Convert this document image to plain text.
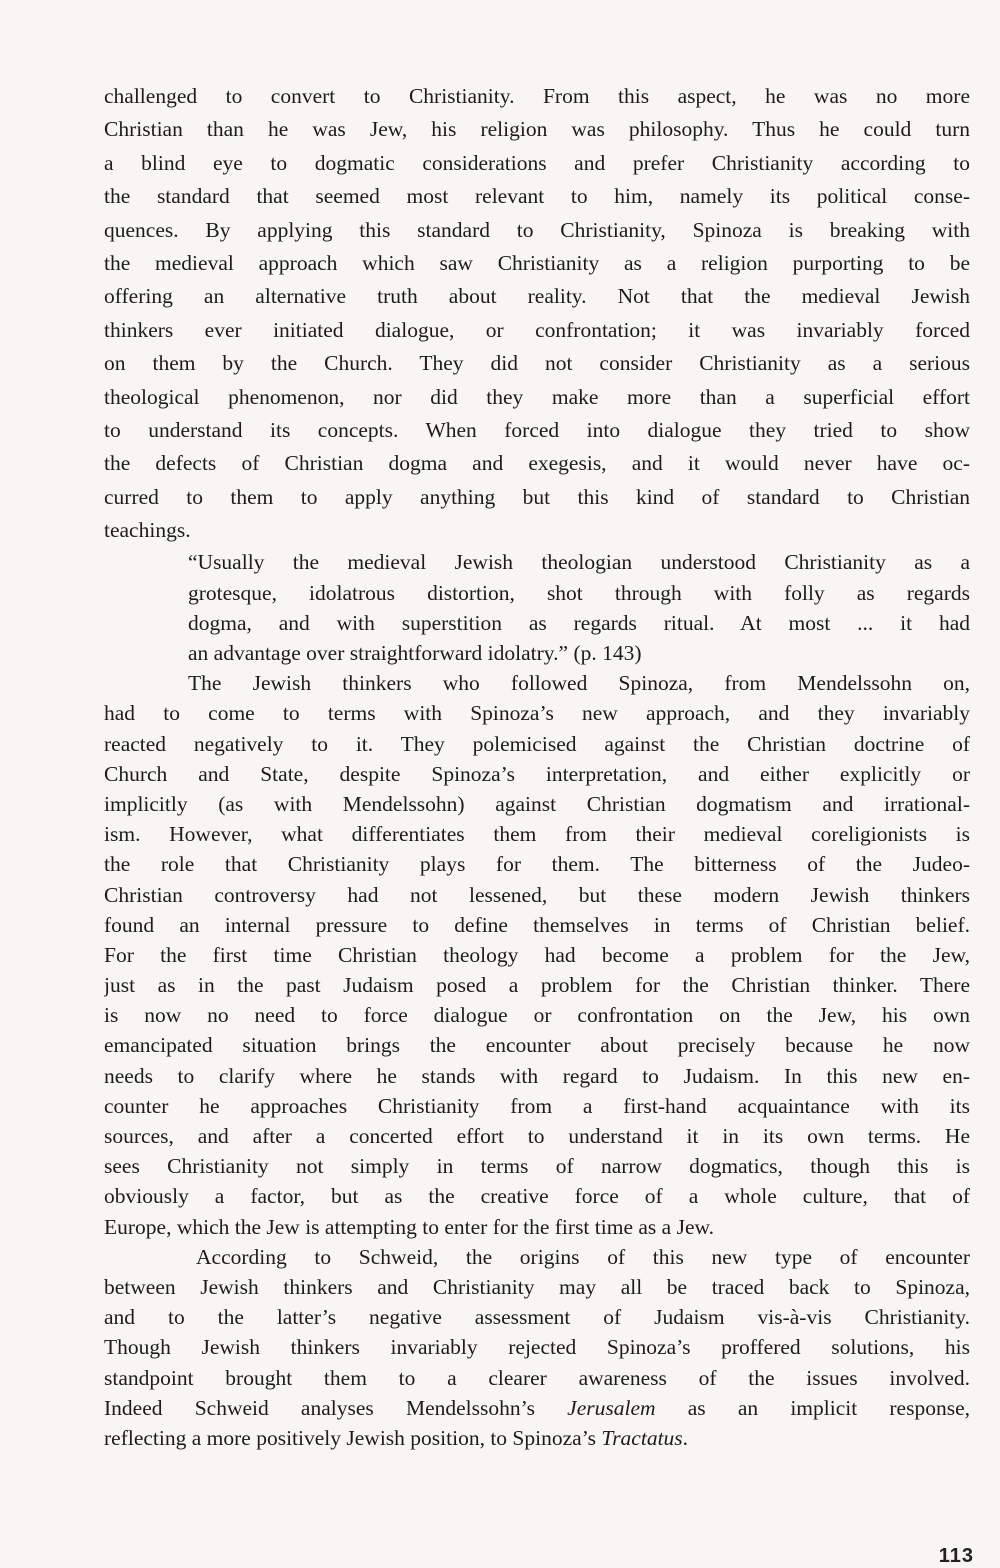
challenged to convert to Christianity. From this aspect, he was no more
Christian than he was Jew, his religion was philosophy. Thus he could turn
a blind eye to dogmatic considerations and prefer Christianity according to
the standard that seemed most relevant to him, namely its political conse-
quences. By applying this standard to Christianity, Spinoza is breaking with
the medieval approach which saw Christianity as a religion purporting to be
offering an alternative truth about reality. Not that the medieval Jewish
thinkers ever initiated dialogue, or confrontation; it was invariably forced
on them by the Church. They did not consider Christianity as a serious
theological phenomenon, nor did they make more than a superficial effort
to understand its concepts. When forced into dialogue they tried to show
the defects of Christian dogma and exegesis, and it would never have oc-
curred to them to apply anything but this kind of standard to Christian
teachings.
“Usually the medieval Jewish theologian understood Christianity as a
grotesque, idolatrous distortion, shot through with folly as regards
dogma, and with superstition as regards ritual. At most ... it had
an advantage over straightforward idolatry.” (p. 143)
The Jewish thinkers who followed Spinoza, from Mendelssohn on,
had to come to terms with Spinoza’s new approach, and they invariably
reacted negatively to it. They polemicised against the Christian doctrine of
Church and State, despite Spinoza’s interpretation, and either explicitly or
implicitly (as with Mendelssohn) against Christian dogmatism and irrational-
ism. However, what differentiates them from their medieval coreligionists is
the role that Christianity plays for them. The bitterness of the Judeo-
Christian controversy had not lessened, but these modern Jewish thinkers
found an internal pressure to define themselves in terms of Christian belief.
For the first time Christian theology had become a problem for the Jew,
just as in the past Judaism posed a problem for the Christian thinker. There
is now no need to force dialogue or confrontation on the Jew, his own
emancipated situation brings the encounter about precisely because he now
needs to clarify where he stands with regard to Judaism. In this new en-
counter he approaches Christianity from a first-hand acquaintance with its
sources, and after a concerted effort to understand it in its own terms. He
sees Christianity not simply in terms of narrow dogmatics, though this is
obviously a factor, but as the creative force of a whole culture, that of
Europe, which the Jew is attempting to enter for the first time as a Jew.
According to Schweid, the origins of this new type of encounter
between Jewish thinkers and Christianity may all be traced back to Spinoza,
and to the latter’s negative assessment of Judaism vis-à-vis Christianity.
Though Jewish thinkers invariably rejected Spinoza’s proffered solutions, his
standpoint brought them to a clearer awareness of the issues involved.
Indeed Schweid analyses Mendelssohn’s Jerusalem as an implicit response,
reflecting a more positively Jewish position, to Spinoza’s Tractatus.
113
